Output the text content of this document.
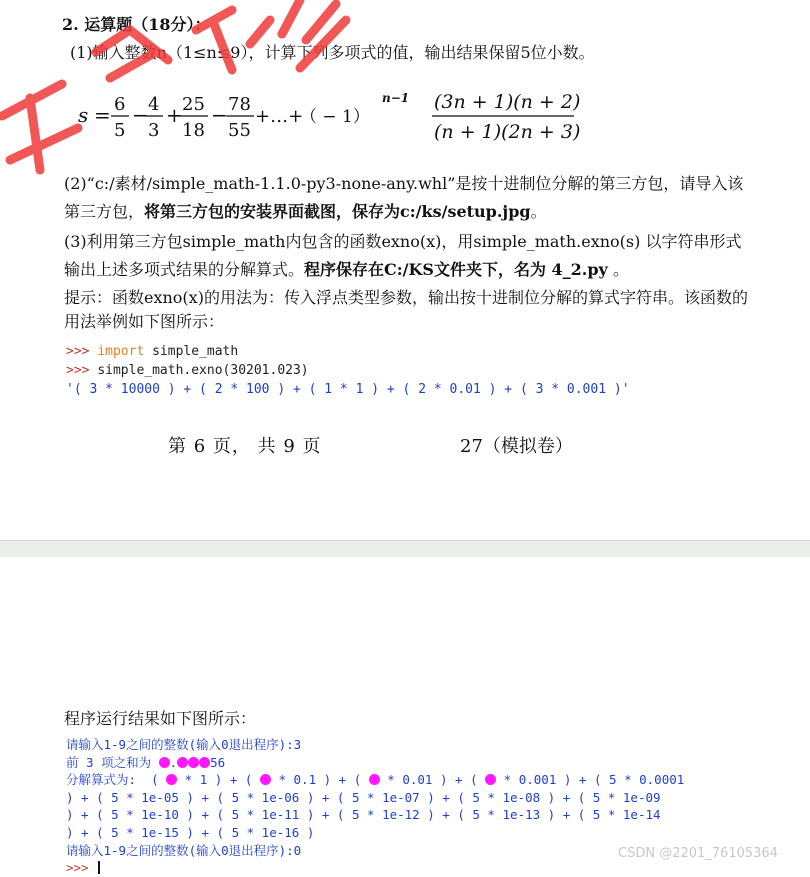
2. 运算题（18分）：
(1)输入整数n（1≤n≤9），计算下列多项式的值，输出结果保留5位小数。
s = 6
5
− 4
3
+ 25
18
− 78
55
+…+
（ − 1）
n−1 (3n + 1)(n + 2)
(n + 1)(2n + 3)
(2)“c:/素材/simple_math-1.1.0-py3-none-any.whl”是按十进制位分解的第三方包，请导入该第三方包，将第三方包的安装界面截图，保存为c:/ks/setup.jpg。
(3)利用第三方包simple_math内包含的函数exno(x)，用simple_math.exno(s) 以字符串形式输出上述多项式结果的分解算式。程序保存在C:/KS文件夹下，名为 4_2.py 。
提示：函数exno(x)的用法为：传入浮点类型参数，输出按十进制位分解的算式字符串。该函数的用法举例如下图所示：
>>> import simple_math
>>> simple_math.exno(30201.023)
'( 3 * 10000 ) + ( 2 * 100 ) + ( 1 * 1 ) + ( 2 * 0.01 ) + ( 3 * 0.001 )'
第 6 页， 共 9 页	27（模拟卷）
程序运行结果如下图所示：
请输入1-9之间的整数(输入0退出程序):3
前 3 项之和为 .	56
分解算式为:  (  * 1 ) + (  * 0.1 ) + (  * 0.01 ) + (  * 0.001 ) + ( 5 * 0.0001
) + ( 5 * 1e-05 ) + ( 5 * 1e-06 ) + ( 5 * 1e-07 ) + ( 5 * 1e-08 ) + ( 5 * 1e-09
) + ( 5 * 1e-10 ) + ( 5 * 1e-11 ) + ( 5 * 1e-12 ) + ( 5 * 1e-13 ) + ( 5 * 1e-14
) + ( 5 * 1e-15 ) + ( 5 * 1e-16 )
请输入1-9之间的整数(输入0退出程序):0
>>>
CSDN @2201_76105364
